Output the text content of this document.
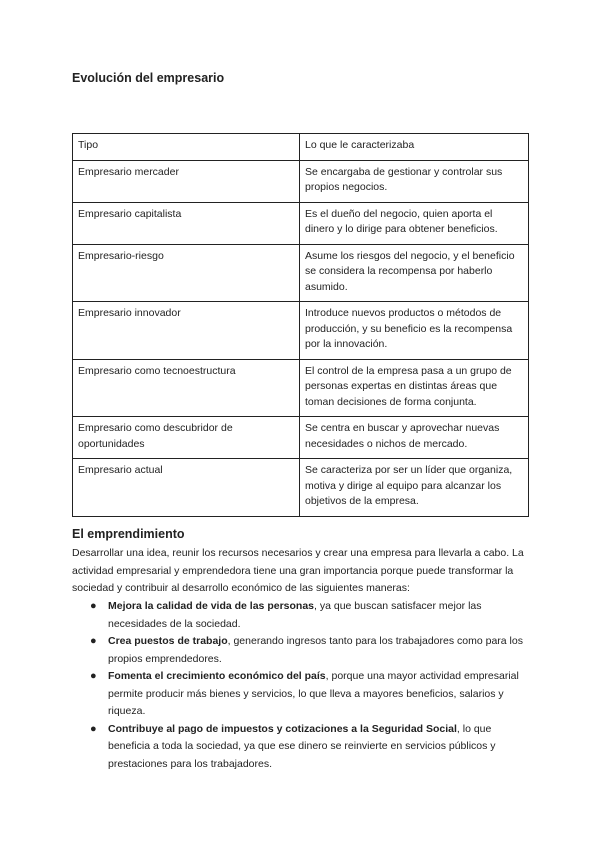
Evolución del empresario
Tipo	Lo que le caracterizaba
Empresario mercader	Se encargaba de gestionar y controlar sus propios negocios.
Empresario capitalista	Es el dueño del negocio, quien aporta el dinero y lo dirige para obtener beneficios.
Empresario-riesgo	Asume los riesgos del negocio, y el beneficio se considera la recompensa por haberlo asumido.
Empresario innovador	Introduce nuevos productos o métodos de producción, y su beneficio es la recompensa por la innovación.
Empresario como tecnoestructura	El control de la empresa pasa a un grupo de personas expertas en distintas áreas que toman decisiones de forma conjunta.
Empresario como descubridor de oportunidades	Se centra en buscar y aprovechar nuevas necesidades o nichos de mercado.
Empresario actual	Se caracteriza por ser un líder que organiza, motiva y dirige al equipo para alcanzar los objetivos de la empresa.
El emprendimiento

Desarrollar una idea, reunir los recursos necesarios y crear una empresa para llevarla a cabo. La actividad empresarial y emprendedora tiene una gran importancia porque puede transformar la sociedad y contribuir al desarrollo económico de las siguientes maneras:

● Mejora la calidad de vida de las personas, ya que buscan satisfacer mejor las necesidades de la sociedad.
● Crea puestos de trabajo, generando ingresos tanto para los trabajadores como para los propios emprendedores.
● Fomenta el crecimiento económico del país, porque una mayor actividad empresarial permite producir más bienes y servicios, lo que lleva a mayores beneficios, salarios y riqueza.
● Contribuye al pago de impuestos y cotizaciones a la Seguridad Social, lo que beneficia a toda la sociedad, ya que ese dinero se reinvierte en servicios públicos y prestaciones para los trabajadores.
